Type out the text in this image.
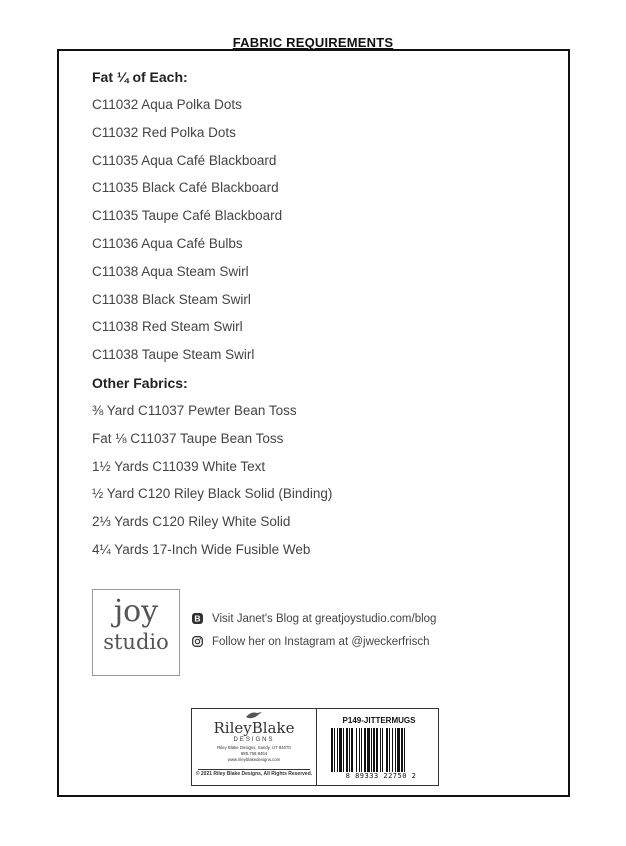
FABRIC REQUIREMENTS
Fat ¼ of Each:
C11032 Aqua Polka Dots
C11032 Red Polka Dots
C11035 Aqua Café Blackboard
C11035 Black Café Blackboard
C11035 Taupe Café Blackboard
C11036 Aqua Café Bulbs
C11038 Aqua Steam Swirl
C11038 Black Steam Swirl
C11038 Red Steam Swirl
C11038 Taupe Steam Swirl
Other Fabrics:
⅜ Yard C11037 Pewter Bean Toss
Fat ⅛ C11037 Taupe Bean Toss
1½ Yards C11039 White Text
½ Yard C120 Riley Black Solid (Binding)
2⅓ Yards C120 Riley White Solid
4¼ Yards 17-Inch Wide Fusible Web
joy
studio
B Visit Janet's Blog at greatjoystudio.com/blog
Follow her on Instagram at @jweckerfrisch
RileyBlake
DESIGNS
Riley Blake Designs, Sandy, UT 84070
888.768.8454
www.rileyblakedesigns.com
© 2021 Riley Blake Designs, All Rights Reserved.
P149-JITTERMUGS
8 89333 22750 2
